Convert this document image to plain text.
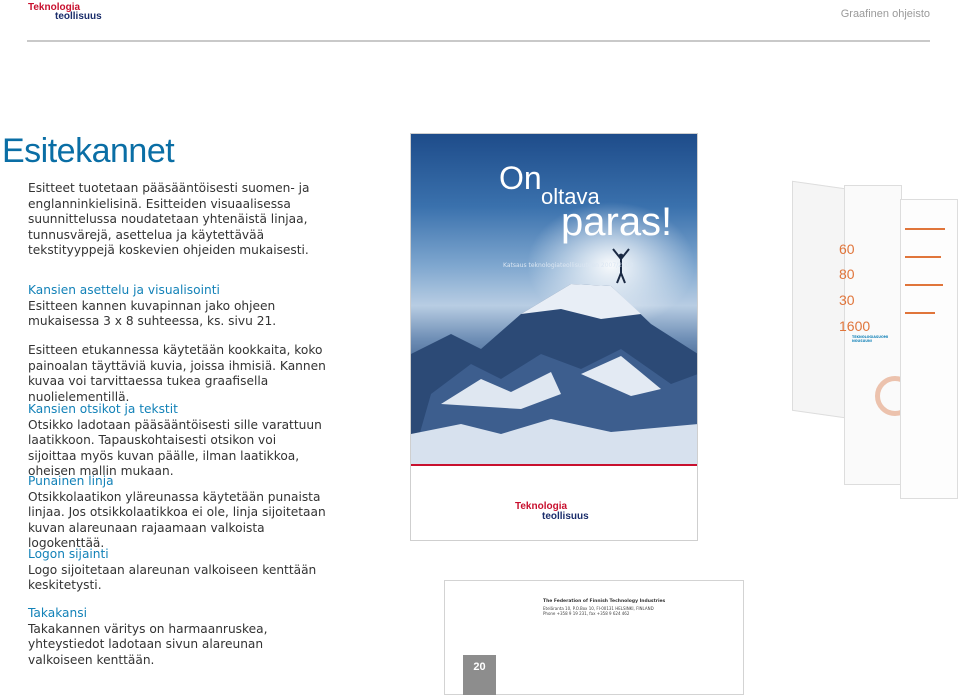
Teknologia
teollisuus	Graafinen ohjeisto
Esitekannet
Esitteet tuotetaan pääsääntöisesti suomen- ja englanninkielisinä. Esitteiden visuaalisessa suunnittelussa noudatetaan yhtenäistä linjaa, tunnusvärejä, asettelua ja käytettävää tekstityyppejä koskevien ohjeiden mukaisesti.
Kansien asettelu ja visualisointi
Esitteen kannen kuvapinnan jako ohjeen mukaisessa 3 x 8 suhteessa, ks. sivu 21.
Esitteen etukannessa käytetään kookkaita, koko painoalan täyttäviä kuvia, joissa ihmisiä. Kannen kuvaa voi tarvittaessa tukea graafisella nuolielementillä.
Kansien otsikot ja tekstit
Otsikko ladotaan pääsääntöisesti sille varattuun laatikkoon. Tapauskohtaisesti otsikon voi sijoittaa myös kuvan päälle, ilman laatikkoa, oheisen mallin mukaan.
Punainen linja
Otsikkolaatikon yläreunassa käytetään punaista linjaa. Jos otsikkolaatikkoa ei ole, linja sijoitetaan kuvan alareunaan rajaamaan valkoista logokenttää.
Logon sijainti
Logo sijoitetaan alareunan valkoiseen kenttään keskitetysti.
Takakansi
Takakannen väritys on harmaanruskea, yhteystiedot ladotaan sivun alareunan valkoiseen kenttään.
On
oltava
paras!
Katsaus teknologiateollisuuteen 2007/2008
Teknologia
teollisuus
The Federation of Finnish Technology Industries
Eteläranta 10, P.O.Box 10, FI-00131 HELSINKI, FINLAND
Phone +358 9 19 231, fax +358 9 624 462
60
80
30
1600
TEKNOLOGIASUOMI NOUSUUN!
20
